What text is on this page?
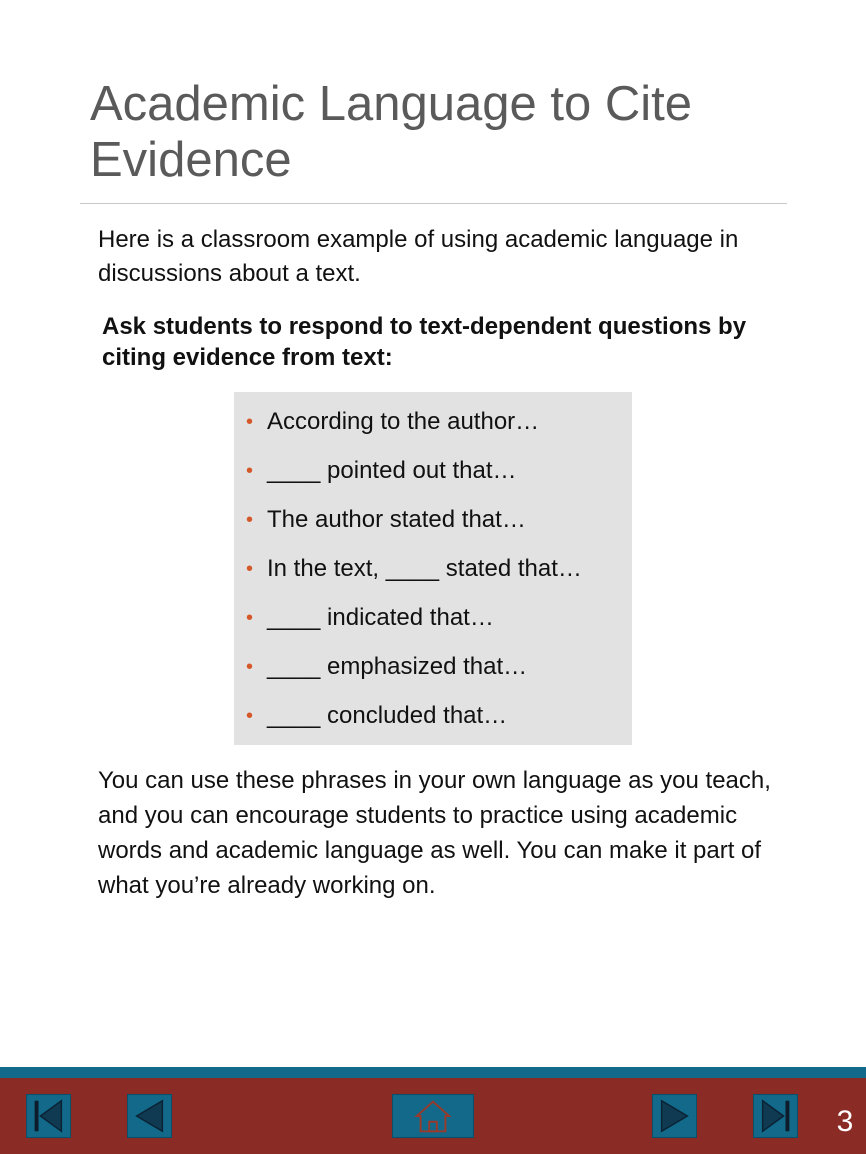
Academic Language to Cite Evidence

Here is a classroom example of using academic language in discussions about a text.

Ask students to respond to text-dependent questions by citing evidence from text:

• According to the author…
• ____ pointed out that…
• The author stated that…
• In the text, ____ stated that…
• ____ indicated that…
• ____ emphasized that…
• ____ concluded that…

You can use these phrases in your own language as you teach, and you can encourage students to practice using academic words and academic language as well. You can make it part of what you’re already working on.

3
